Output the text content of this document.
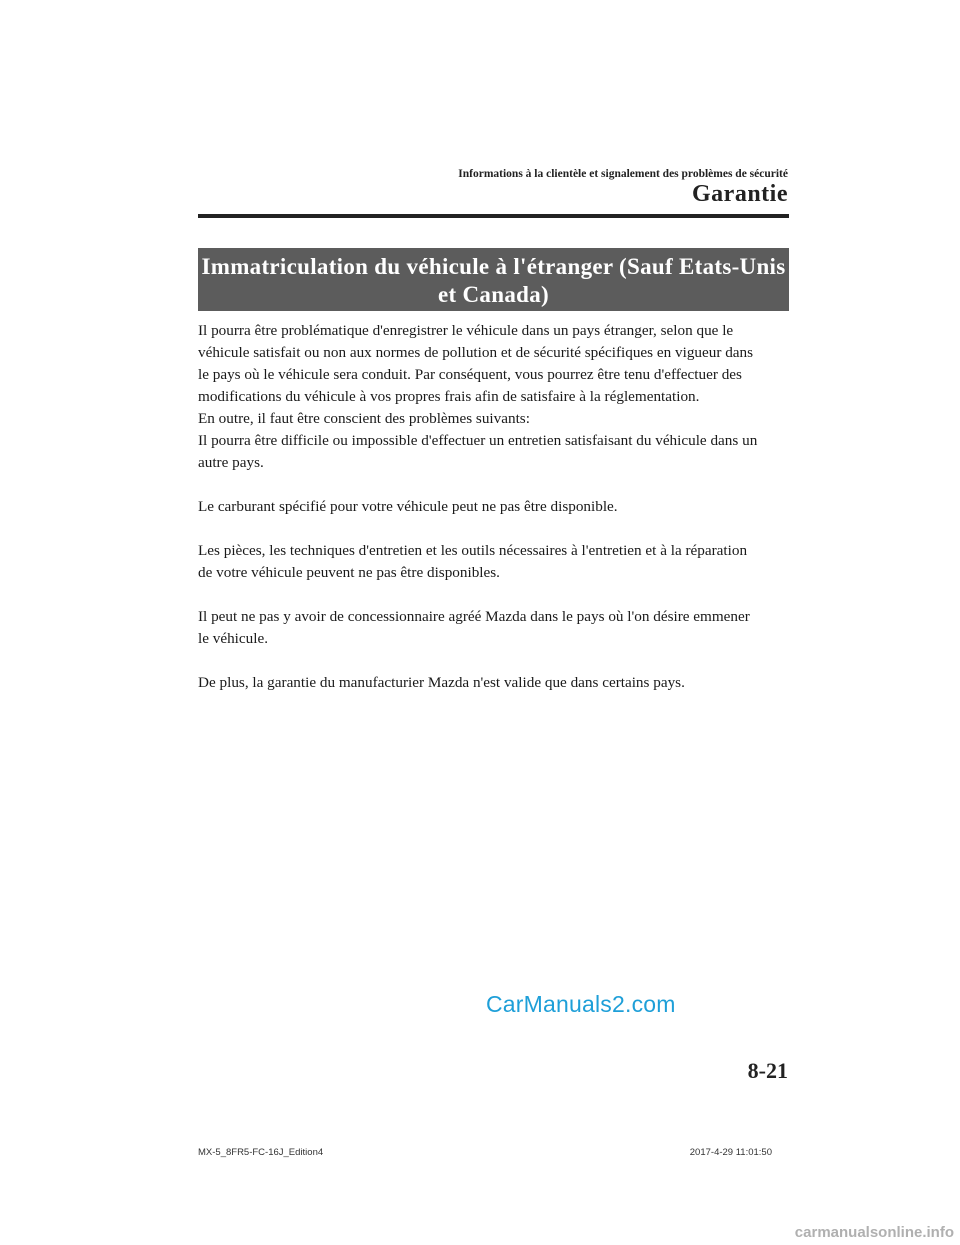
Informations à la clientèle et signalement des problèmes de sécurité
Garantie
Immatriculation du véhicule à l'étranger (Sauf Etats-Unis
et Canada)

Il pourra être problématique d'enregistrer le véhicule dans un pays étranger, selon que le

véhicule satisfait ou non aux normes de pollution et de sécurité spécifiques en vigueur dans

le pays où le véhicule sera conduit. Par conséquent, vous pourrez être tenu d'effectuer des

modifications du véhicule à vos propres frais afin de satisfaire à la réglementation.

En outre, il faut être conscient des problèmes suivants:

Il pourra être difficile ou impossible d'effectuer un entretien satisfaisant du véhicule dans un

autre pays.

Le carburant spécifié pour votre véhicule peut ne pas être disponible.

Les pièces, les techniques d'entretien et les outils nécessaires à l'entretien et à la réparation

de votre véhicule peuvent ne pas être disponibles.

Il peut ne pas y avoir de concessionnaire agréé Mazda dans le pays où l'on désire emmener

le véhicule.

De plus, la garantie du manufacturier Mazda n'est valide que dans certains pays.

CarManuals2.com
8-21
MX-5_8FR5-FC-16J_Edition4	2017-4-29 11:01:50
carmanualsonline.info
